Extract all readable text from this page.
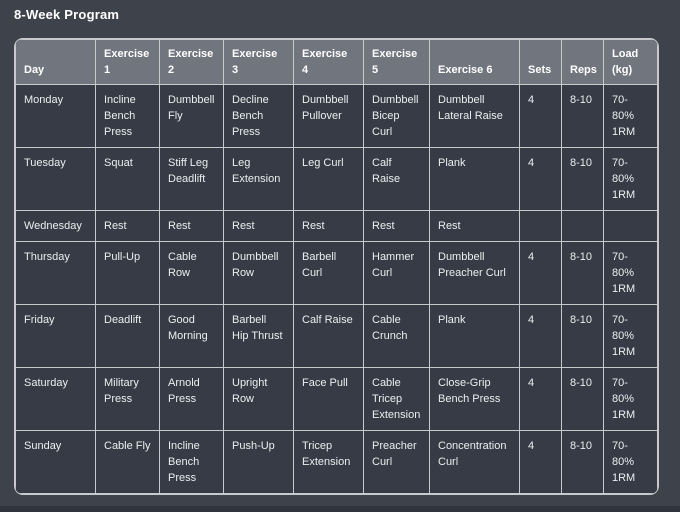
8-Week Program
Day	Exercise 1	Exercise 2	Exercise 3	Exercise 4	Exercise 5	Exercise 6	Sets	Reps	Load (kg)
Monday	Incline Bench Press	Dumbbell Fly	Decline Bench Press	Dumbbell Pullover	Dumbbell Bicep Curl	Dumbbell Lateral Raise	4	8-10	70-80% 1RM
Tuesday	Squat	Stiff Leg Deadlift	Leg Extension	Leg Curl	Calf Raise	Plank	4	8-10	70-80% 1RM
Wednesday	Rest	Rest	Rest	Rest	Rest	Rest			
Thursday	Pull-Up	Cable Row	Dumbbell Row	Barbell Curl	Hammer Curl	Dumbbell Preacher Curl	4	8-10	70-80% 1RM
Friday	Deadlift	Good Morning	Barbell Hip Thrust	Calf Raise	Cable Crunch	Plank	4	8-10	70-80% 1RM
Saturday	Military Press	Arnold Press	Upright Row	Face Pull	Cable Tricep Extension	Close-Grip Bench Press	4	8-10	70-80% 1RM
Sunday	Cable Fly	Incline Bench Press	Push-Up	Tricep Extension	Preacher Curl	Concentration Curl	4	8-10	70-80% 1RM
